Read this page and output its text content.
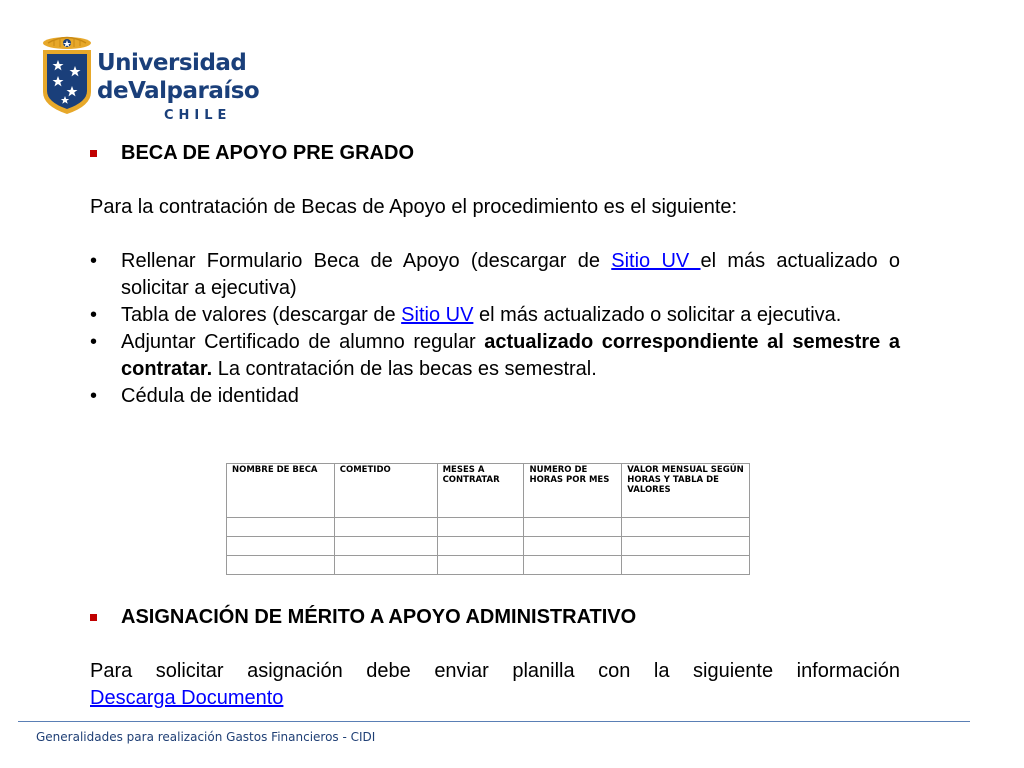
Universidad
deValparaíso
CHILE
BECA DE APOYO PRE GRADO
Para la contratación de Becas de Apoyo el procedimiento es el siguiente:
• Rellenar Formulario Beca de Apoyo (descargar de Sitio UV el más actualizado o solicitar a ejecutiva)
• Tabla de valores (descargar de Sitio UV el más actualizado o solicitar a ejecutiva.
• Adjuntar Certificado de alumno regular actualizado correspondiente al semestre a contratar. La contratación de las becas es semestral.
• Cédula de identidad
NOMBRE DE BECA	COMETIDO	MESES A CONTRATAR	NUMERO DE HORAS POR MES	VALOR MENSUAL SEGÚN HORAS Y TABLA DE VALORES

ASIGNACIÓN DE MÉRITO A APOYO ADMINISTRATIVO
Para solicitar asignación debe enviar planilla con la siguiente información
Descarga Documento
Generalidades para realización Gastos Financieros - CIDI
